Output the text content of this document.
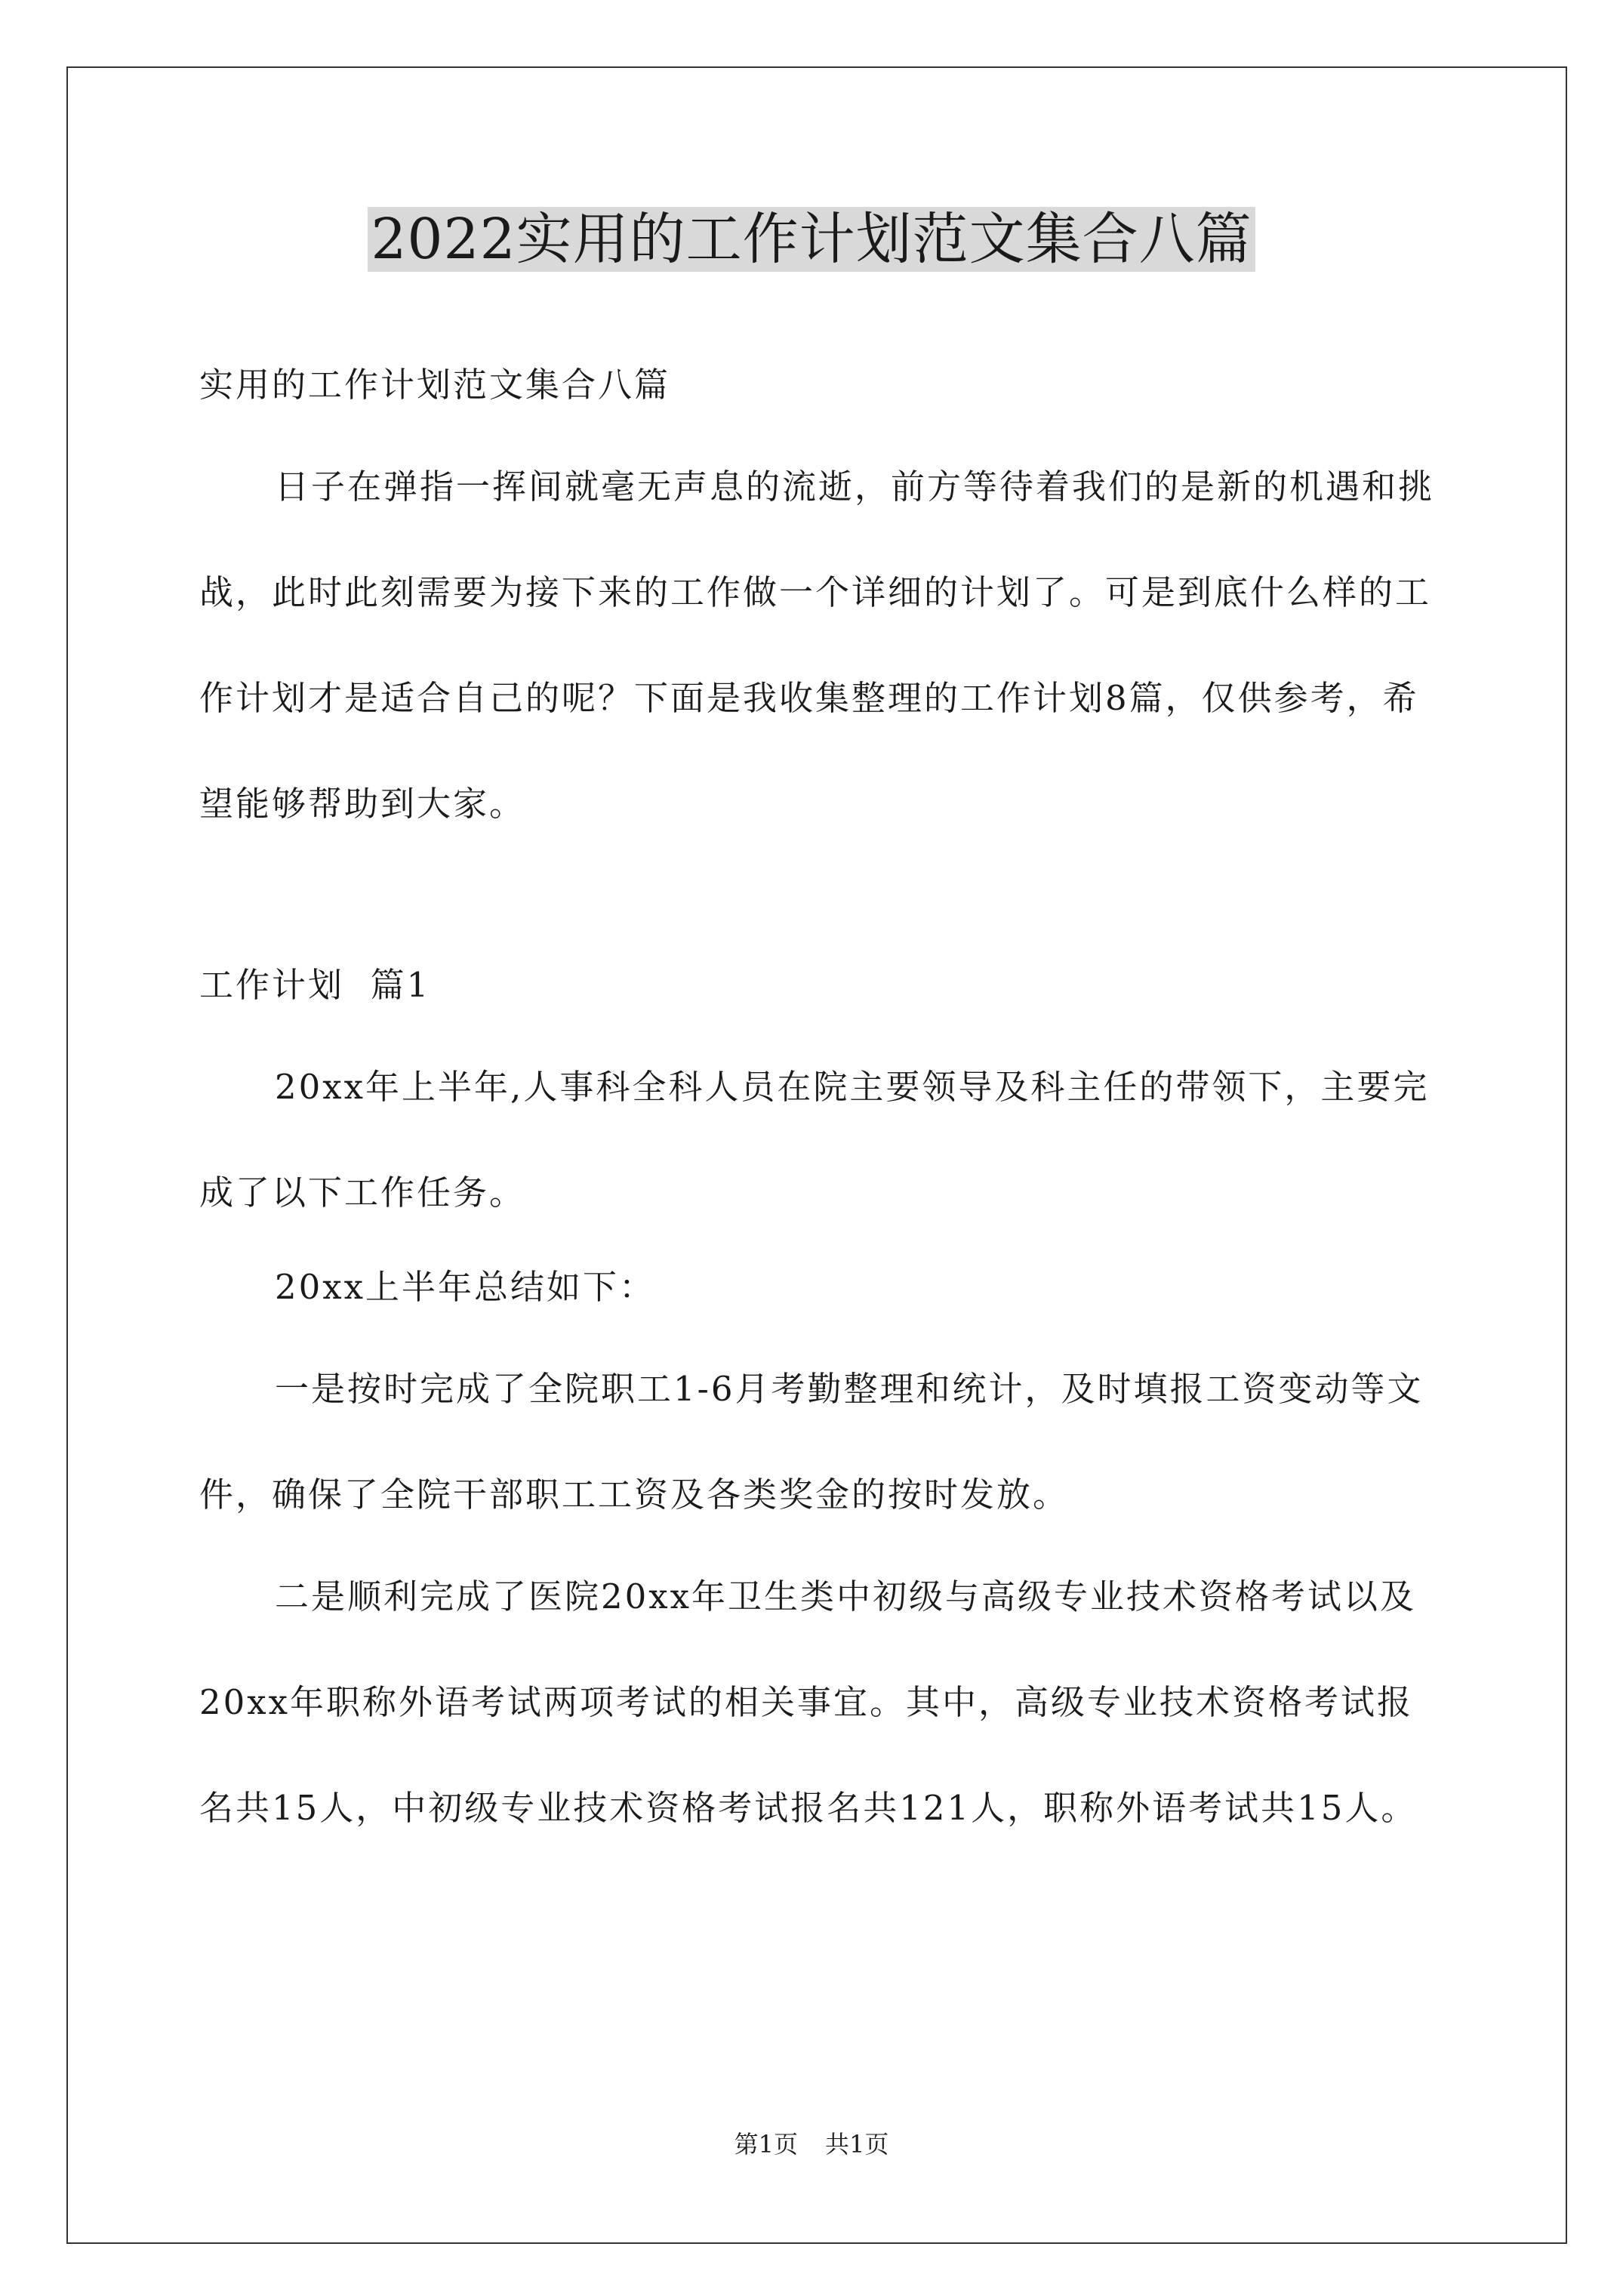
2022实用的工作计划范文集合八篇
实用的工作计划范文集合八篇
日子在弹指一挥间就毫无声息的流逝，前方等待着我们的是新的机遇和挑战，此时此刻需要为接下来的工作做一个详细的计划了。可是到底什么样的工作计划才是适合自己的呢？下面是我收集整理的工作计划8篇，仅供参考，希望能够帮助到大家。
工作计划  篇1
20xx年上半年,人事科全科人员在院主要领导及科主任的带领下，主要完成了以下工作任务。
20xx上半年总结如下：
一是按时完成了全院职工1-6月考勤整理和统计，及时填报工资变动等文件，确保了全院干部职工工资及各类奖金的按时发放。
二是顺利完成了医院20xx年卫生类中初级与高级专业技术资格考试以及20xx年职称外语考试两项考试的相关事宜。其中，高级专业技术资格考试报名共15人，中初级专业技术资格考试报名共121人，职称外语考试共15人。
第1页 共1页
